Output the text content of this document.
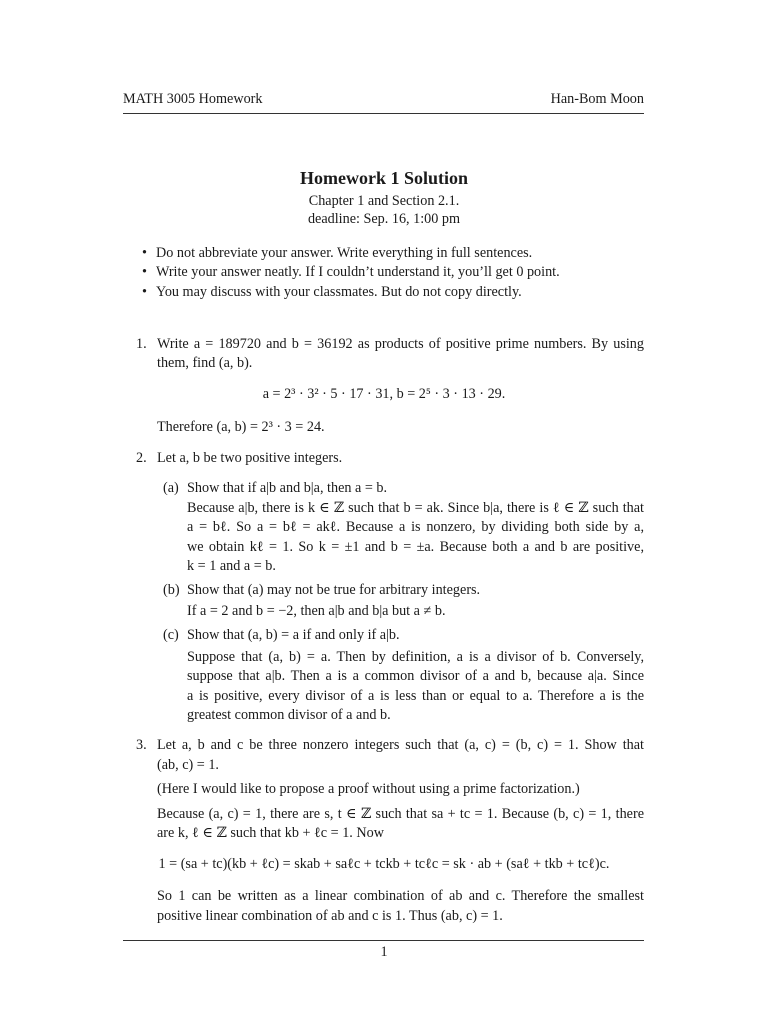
MATH 3005 Homework	Han-Bom Moon
Homework 1 Solution
Chapter 1 and Section 2.1.
deadline: Sep. 16, 1:00 pm
• Do not abbreviate your answer. Write everything in full sentences.
• Write your answer neatly. If I couldn’t understand it, you’ll get 0 point.
• You may discuss with your classmates. But do not copy directly.
1. Write a = 189720 and b = 36192 as products of positive prime numbers. By using
them, find (a, b).
a = 2³ · 3² · 5 · 17 · 31, b = 2⁵ · 3 · 13 · 29.
Therefore (a, b) = 2³ · 3 = 24.
2. Let a, b be two positive integers.
(a) Show that if a|b and b|a, then a = b.
Because a|b, there is k ∈ ℤ such that b = ak. Since b|a, there is ℓ ∈ ℤ such that
a = bℓ. So a = bℓ = akℓ. Because a is nonzero, by dividing both side by a,
we obtain kℓ = 1. So k = ±1 and b = ±a. Because both a and b are positive,
k = 1 and a = b.
(b) Show that (a) may not be true for arbitrary integers.
If a = 2 and b = −2, then a|b and b|a but a ≠ b.
(c) Show that (a, b) = a if and only if a|b.
Suppose that (a, b) = a. Then by definition, a is a divisor of b. Conversely,
suppose that a|b. Then a is a common divisor of a and b, because a|a. Since
a is positive, every divisor of a is less than or equal to a. Therefore a is the
greatest common divisor of a and b.
3. Let a, b and c be three nonzero integers such that (a, c) = (b, c) = 1. Show that
(ab, c) = 1.
(Here I would like to propose a proof without using a prime factorization.)
Because (a, c) = 1, there are s, t ∈ ℤ such that sa + tc = 1. Because (b, c) = 1, there
are k, ℓ ∈ ℤ such that kb + ℓc = 1. Now
1 = (sa + tc)(kb + ℓc) = skab + saℓc + tckb + tcℓc = sk · ab + (saℓ + tkb + tcℓ)c.
So 1 can be written as a linear combination of ab and c. Therefore the smallest
positive linear combination of ab and c is 1. Thus (ab, c) = 1.
1
